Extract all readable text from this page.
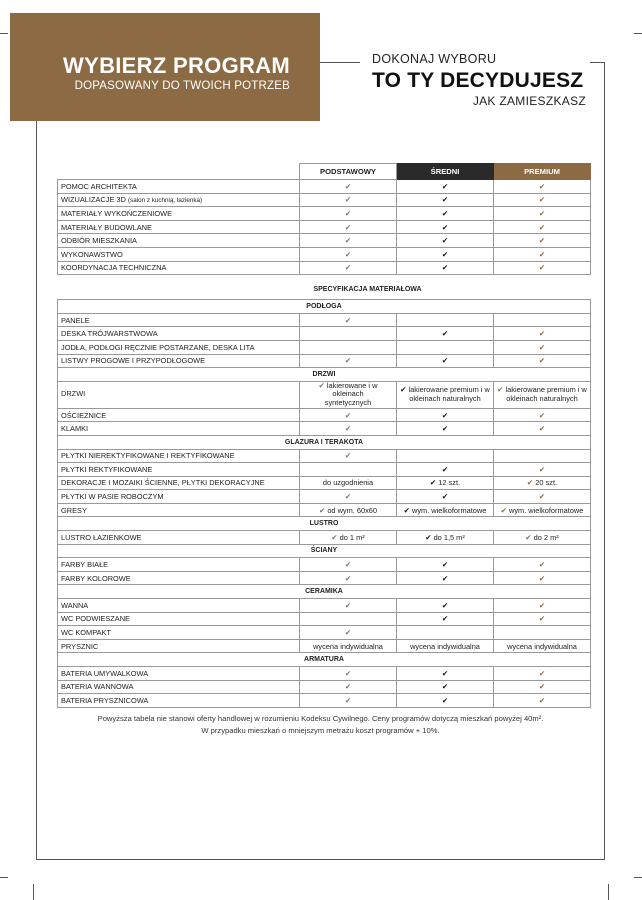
WYBIERZ PROGRAM
DOPASOWANY DO TWOICH POTRZEB
DOKONAJ WYBORU
TO TY DECYDUJESZ
JAK ZAMIESZKASZ
	PODSTAWOWY	ŚREDNI	PREMIUM
POMOC ARCHITEKTA	✔	✔	✔
WIZUALIZACJE 3D (salon z kuchnią, łazienka)	✔	✔	✔
MATERIAŁY WYKOŃCZENIOWE	✔	✔	✔
MATERIAŁY BUDOWLANE	✔	✔	✔
ODBIÓR MIESZKANIA	✔	✔	✔
WYKONAWSTWO	✔	✔	✔
KOORDYNACJA TECHNICZNA	✔	✔	✔

SPECYFIKACJA MATERIAŁOWA			

PODŁOGA			
PANELE	✔		
DESKA TRÓJWARSTWOWA		✔	✔
JODŁA, PODŁOGI RĘCZNIE POSTARZANE, DESKA LITA			✔
LISTWY PROGOWE I PRZYPODŁOGOWE	✔	✔	✔
DRZWI			
DRZWI	✔ lakierowane i w okleinach syntetycznych	✔ lakierowane premium i w okleinach naturalnych	✔ lakierowane premium i w okleinach naturalnych
OŚCIEŻNICE	✔	✔	✔
KLAMKI	✔	✔	✔
GLAZURA I TERAKOTA			
PŁYTKI NIEREKTYFIKOWANE I REKTYFIKOWANE	✔		
PŁYTKI REKTYFIKOWANE		✔	✔
DEKORACJE I MOZAIKI ŚCIENNE, PŁYTKI DEKORACYJNE	do uzgodnienia	✔ 12 szt.	✔ 20 szt.
PŁYTKI W PASIE ROBOCZYM	✔	✔	✔
GRESY	✔ od wym. 60x60	✔ wym. wielkoformatowe	✔ wym. wielkoformatowe
LUSTRO			
LUSTRO ŁAZIENKOWE	✔ do 1 m²	✔ do 1,5 m²	✔ do 2 m²
ŚCIANY			
FARBY BIAŁE	✔	✔	✔
FARBY KOLOROWE	✔	✔	✔
CERAMIKA			
WANNA	✔	✔	✔
WC PODWIESZANE		✔	✔
WC KOMPAKT	✔		
PRYSZNIC	wycena indywidualna	wycena indywidualna	wycena indywidualna
ARMATURA			
BATERIA UMYWALKOWA	✔	✔	✔
BATERIA WANNOWA	✔	✔	✔
BATERIA PRYSZNICOWA	✔	✔	✔
Powyższa tabela nie stanowi oferty handlowej w rozumieniu Kodeksu Cywilnego. Ceny programów dotyczą mieszkań powyżej 40m².
W przypadku mieszkań o mniejszym metrażu koszt programów + 10%.
